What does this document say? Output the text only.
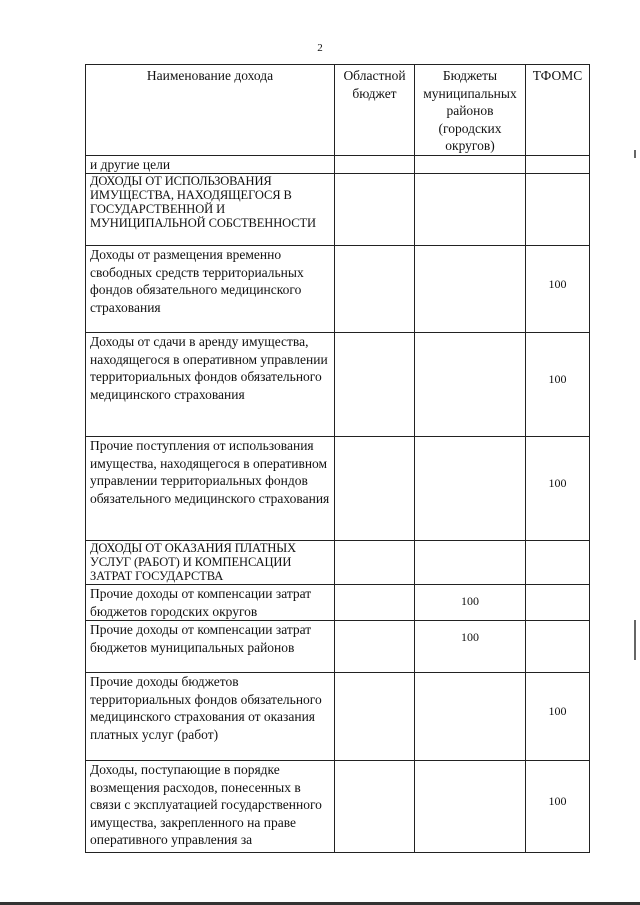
2
Наименование дохода	Областной бюджет	Бюджеты муниципальных районов (городских округов)	ТФОМС
и другие цели			
ДОХОДЫ ОТ ИСПОЛЬЗОВАНИЯ ИМУЩЕСТВА, НАХОДЯЩЕГОСЯ В ГОСУДАРСТВЕННОЙ И МУНИЦИПАЛЬНОЙ СОБСТВЕННОСТИ			
Доходы от размещения временно свободных средств территориальных фондов обязательного медицинского страхования			100
Доходы от сдачи в аренду имущества, находящегося в оперативном управлении территориальных фондов обязательного медицинского страхования			100
Прочие поступления от использования имущества, находящегося в оперативном управлении территориальных фондов обязательного медицинского страхования			100
ДОХОДЫ ОТ ОКАЗАНИЯ ПЛАТНЫХ УСЛУГ (РАБОТ) И КОМПЕНСАЦИИ ЗАТРАТ ГОСУДАРСТВА			
Прочие доходы от компенсации затрат бюджетов городских округов		100	
Прочие доходы от компенсации затрат бюджетов муниципальных районов		100	
Прочие доходы бюджетов территориальных фондов обязательного медицинского страхования от оказания платных услуг (работ)			100
Доходы, поступающие в порядке возмещения расходов, понесенных в связи с эксплуатацией государственного имущества, закрепленного на праве оперативного управления за			100
